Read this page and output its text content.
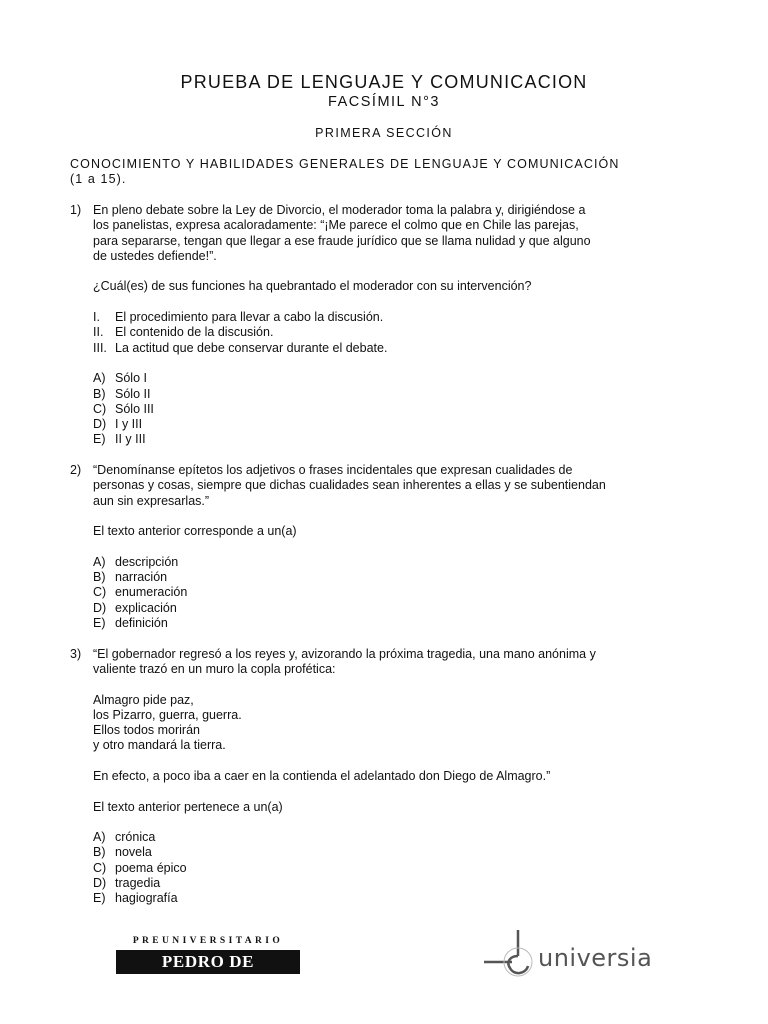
PRUEBA DE LENGUAJE Y COMUNICACION
FACSÍMIL N°3
PRIMERA SECCIÓN
CONOCIMIENTO Y HABILIDADES GENERALES DE LENGUAJE Y COMUNICACIÓN
(1 a 15).
1) En pleno debate sobre la Ley de Divorcio, el moderador toma la palabra y, dirigiéndose a
los panelistas, expresa acaloradamente: “¡Me parece el colmo que en Chile las parejas,
para separarse, tengan que llegar a ese fraude jurídico que se llama nulidad y que alguno
de ustedes defiende!”.
¿Cuál(es) de sus funciones ha quebrantado el moderador con su intervención?
I.	El procedimiento para llevar a cabo la discusión.
II. El contenido de la discusión.
III. La actitud que debe conservar durante el debate.
A) Sólo I
B) Sólo II
C) Sólo III
D) I y III
E) II y III
2) “Denomínanse epítetos los adjetivos o frases incidentales que expresan cualidades de
personas y cosas, siempre que dichas cualidades sean inherentes a ellas y se subentiendan
aun sin expresarlas.”
El texto anterior corresponde a un(a)
A) descripción
B) narración
C) enumeración
D) explicación
E) definición
3) “El gobernador regresó a los reyes y, avizorando la próxima tragedia, una mano anónima y
valiente trazó en un muro la copla profética:
Almagro pide paz,
los Pizarro, guerra, guerra.
Ellos todos morirán
y otro mandará la tierra.
En efecto, a poco iba a caer en la contienda el adelantado don Diego de Almagro.”
El texto anterior pertenece a un(a)
A) crónica
B) novela
C) poema épico
D) tragedia
E) hagiografía
PREUNIVERSITARIO
PEDRO DE VALDIVIA
universia
